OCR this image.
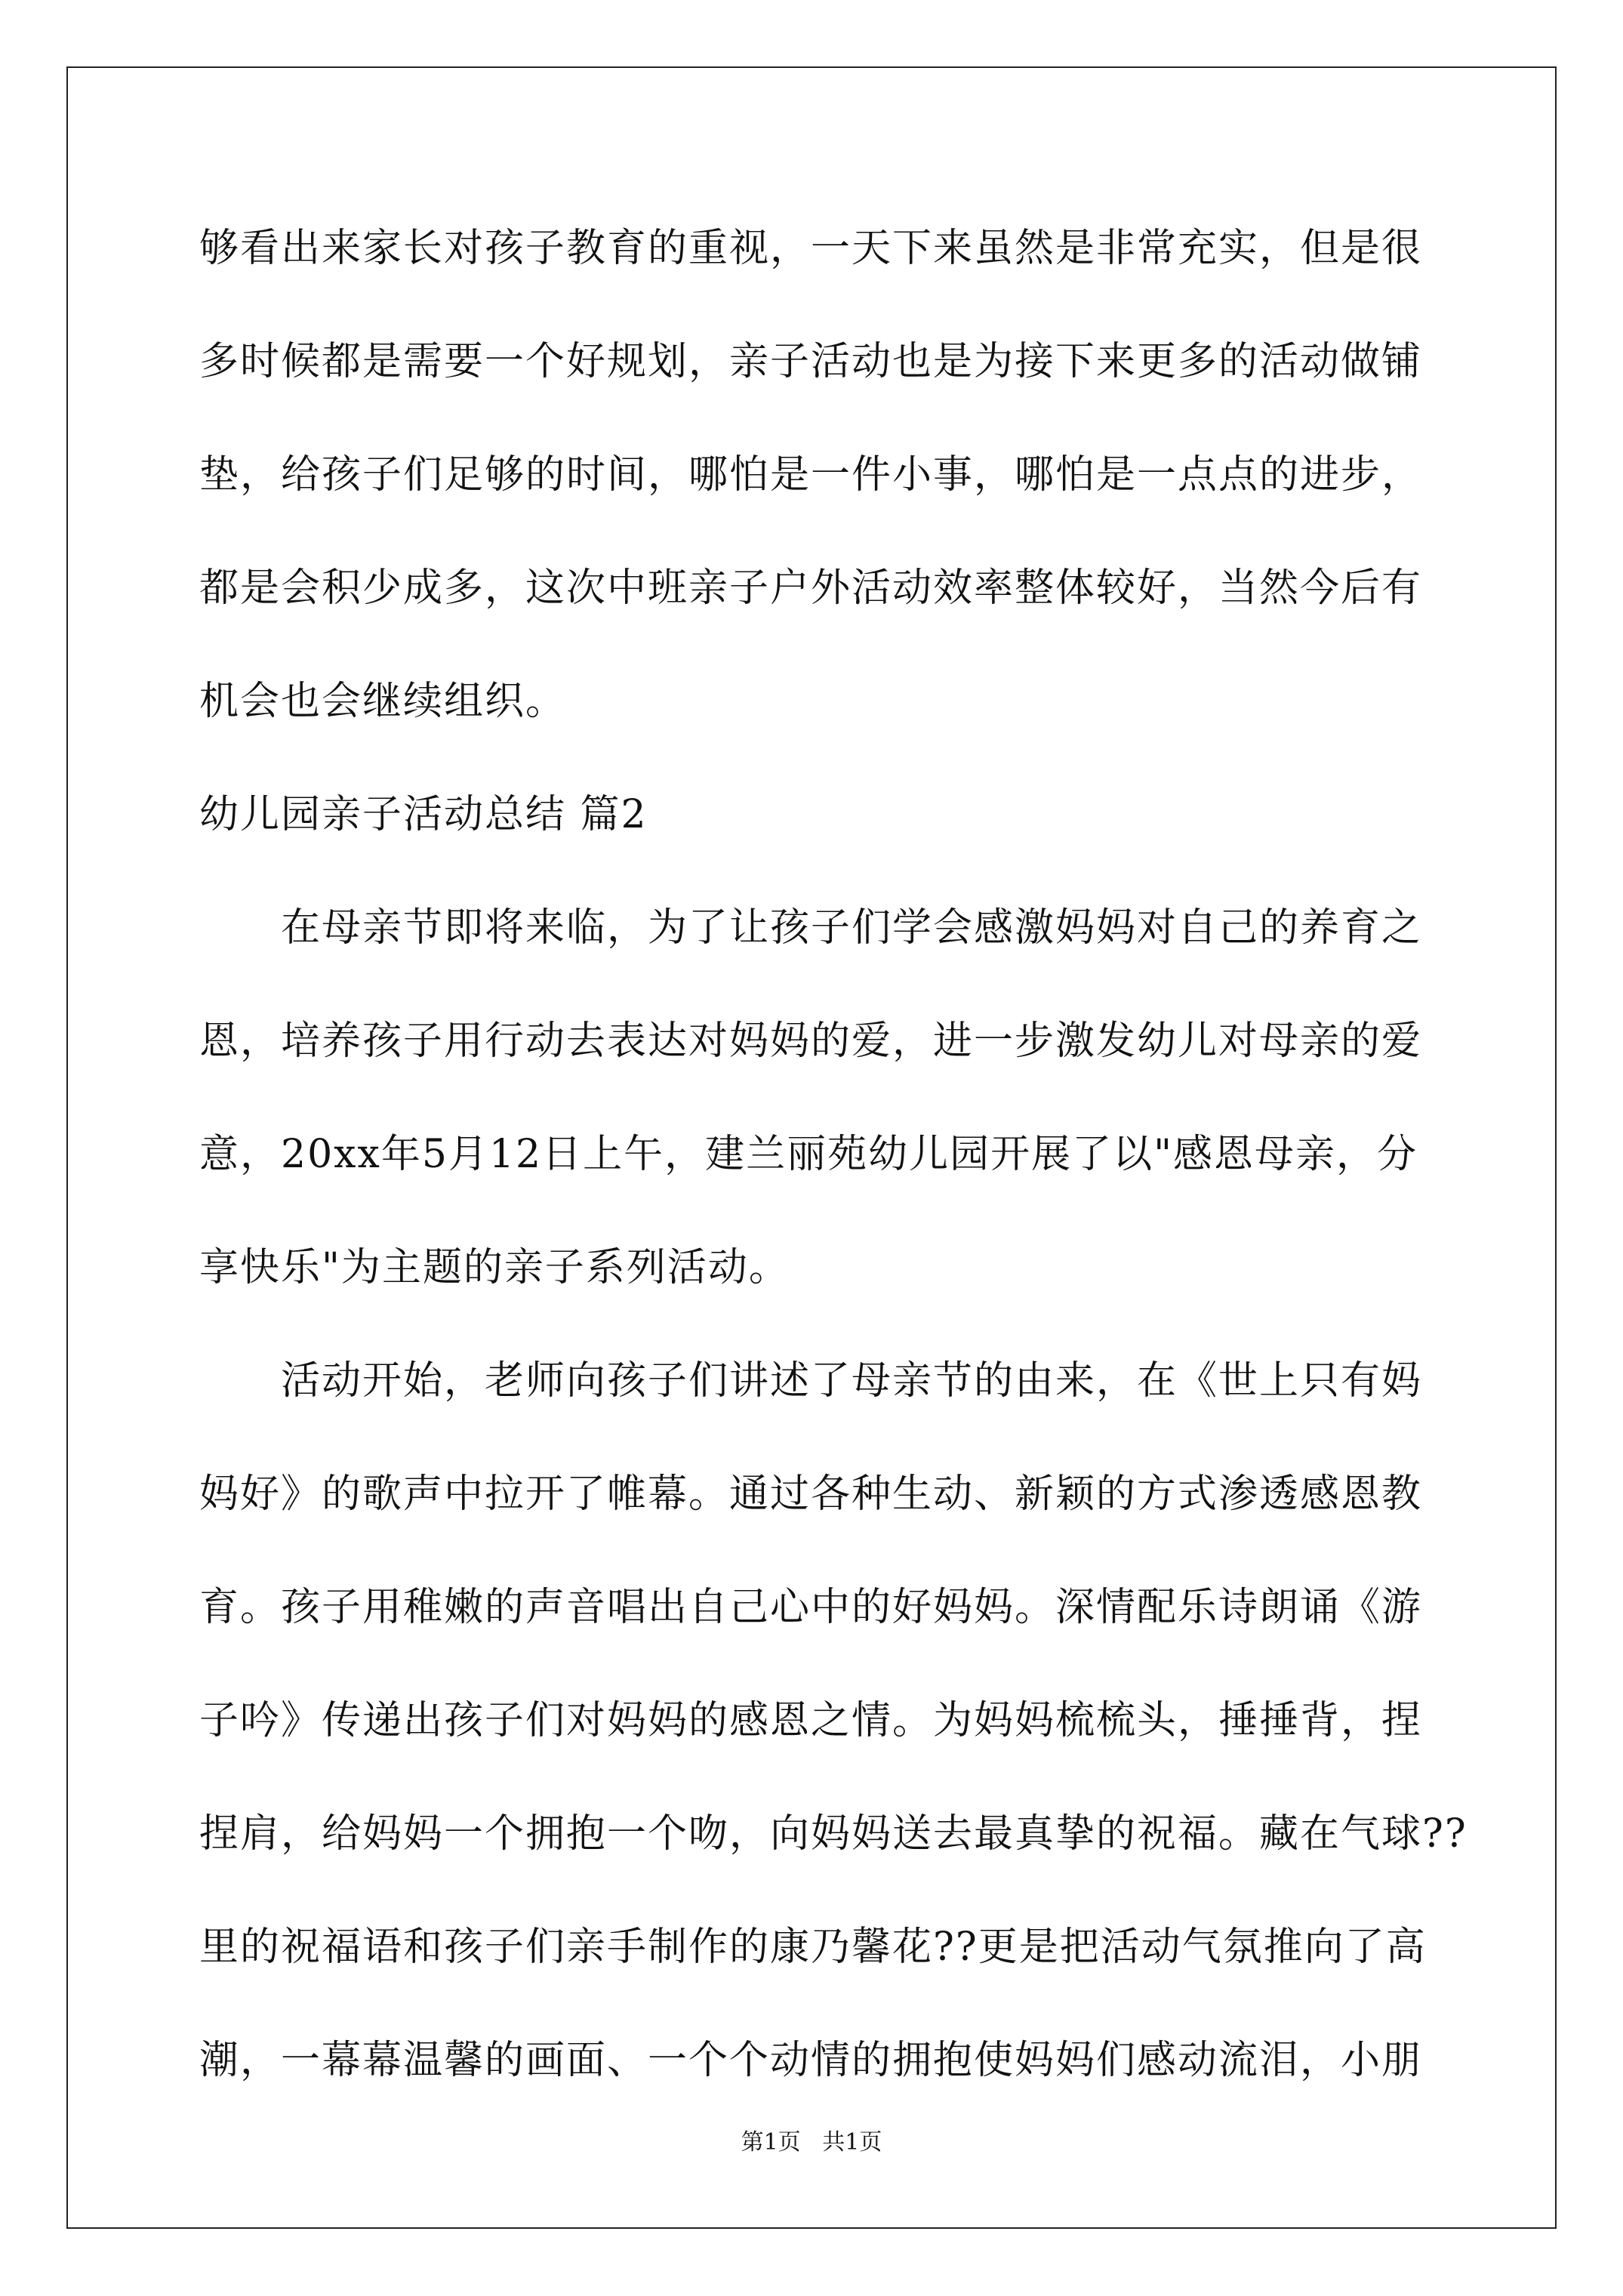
够看出来家长对孩子教育的重视，一天下来虽然是非常充实，但是很
多时候都是需要一个好规划，亲子活动也是为接下来更多的活动做铺
垫，给孩子们足够的时间，哪怕是一件小事，哪怕是一点点的进步，
都是会积少成多，这次中班亲子户外活动效率整体较好，当然今后有
机会也会继续组织。
幼儿园亲子活动总结 篇2
　　在母亲节即将来临，为了让孩子们学会感激妈妈对自己的养育之
恩，培养孩子用行动去表达对妈妈的爱，进一步激发幼儿对母亲的爱
意，20xx年5月12日上午，建兰丽苑幼儿园开展了以"感恩母亲，分
享快乐"为主题的亲子系列活动。
　　活动开始，老师向孩子们讲述了母亲节的由来，在《世上只有妈
妈好》的歌声中拉开了帷幕。通过各种生动、新颖的方式渗透感恩教
育。孩子用稚嫩的声音唱出自己心中的好妈妈。深情配乐诗朗诵《游
子吟》传递出孩子们对妈妈的感恩之情。为妈妈梳梳头，捶捶背，捏
捏肩，给妈妈一个拥抱一个吻，向妈妈送去最真挚的祝福。藏在气球??
里的祝福语和孩子们亲手制作的康乃馨花??更是把活动气氛推向了高
潮，一幕幕温馨的画面、一个个动情的拥抱使妈妈们感动流泪，小朋
第1页   共1页
